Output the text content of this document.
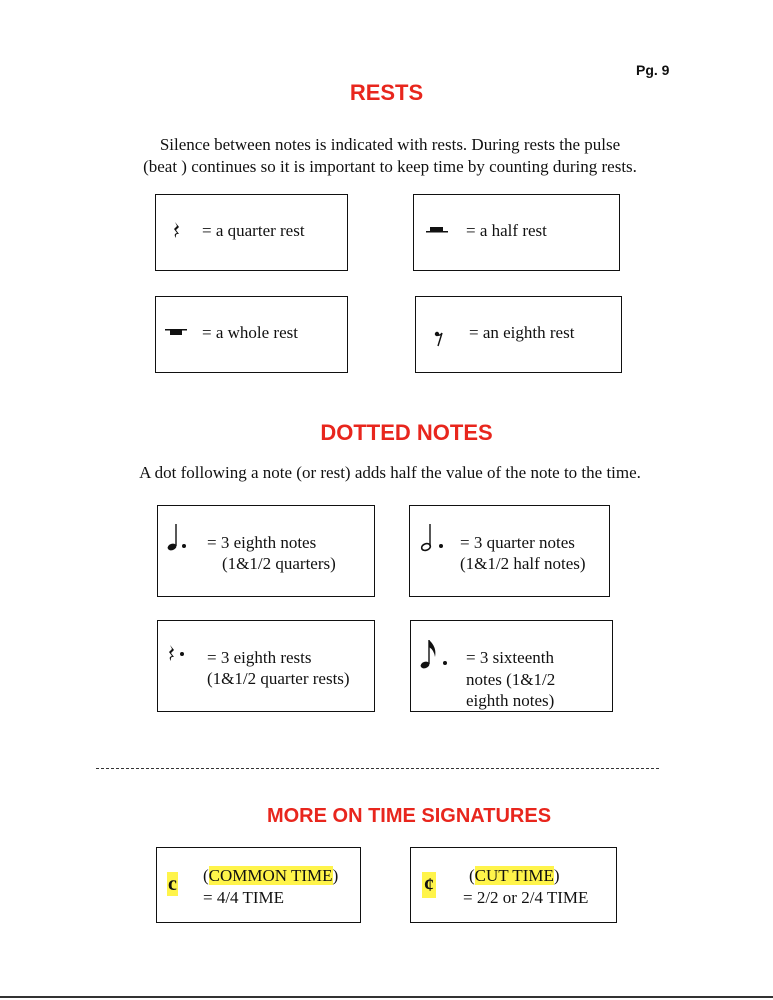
Pg. 9
RESTS
Silence between notes is indicated with rests. During rests the pulse
(beat ) continues so it is important to keep time by counting during rests.
= a quarter rest	= a half rest
= a whole rest	= an eighth rest
DOTTED NOTES
A dot following a note (or rest) adds half the value of the note to the time.
= 3 eighth notes
(1&1/2 quarters)
= 3 quarter notes
(1&1/2 half notes)
= 3 eighth rests
(1&1/2 quarter rests)
= 3 sixteenth
notes (1&1/2
eighth notes)
MORE ON TIME SIGNATURES
c (COMMON TIME)
= 4/4 TIME
¢ (CUT TIME)
= 2/2 or 2/4 TIME
